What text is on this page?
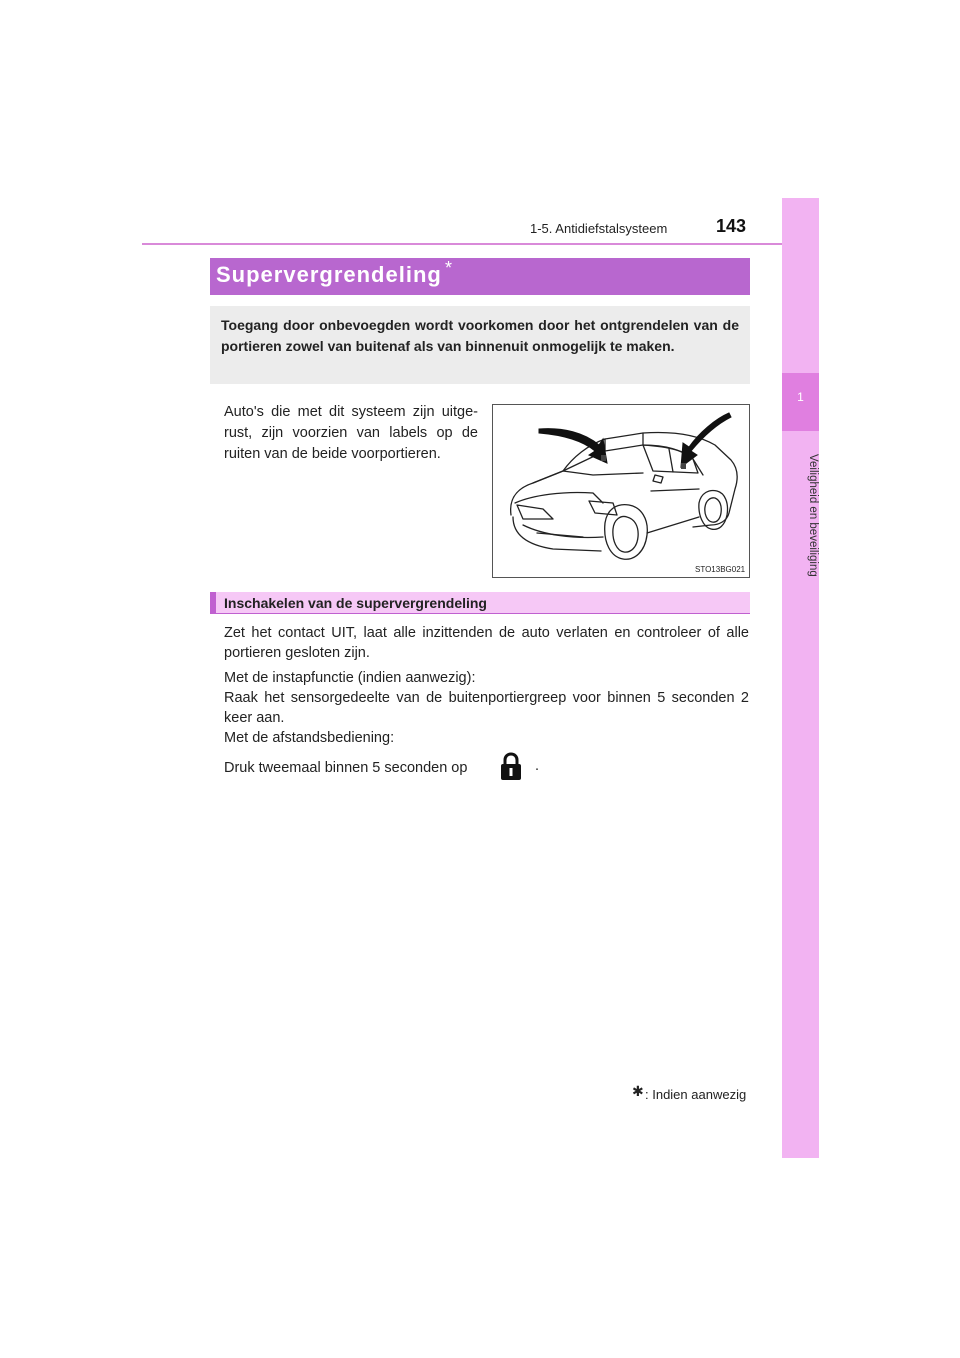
1-5. Antidiefstalsysteem	143
1
Veiligheid en beveiliging
Supervergrendeling *
Toegang door onbevoegden wordt voorkomen door het ontgrendelen van de portieren zowel van buitenaf als van binnenuit onmogelijk te maken.
Auto's die met dit systeem zijn uitge-rust, zijn voorzien van labels op de ruiten van de beide voorportieren.
STO13BG021
Inschakelen van de supervergrendeling
Zet het contact UIT, laat alle inzittenden de auto verlaten en controleer of alle portieren gesloten zijn.
Met de instapfunctie (indien aanwezig):
Raak het sensorgedeelte van de buitenportiergreep voor binnen 5 seconden 2 keer aan.
Met de afstandsbediening:
Druk tweemaal binnen 5 seconden op	.
✱ : Indien aanwezig
